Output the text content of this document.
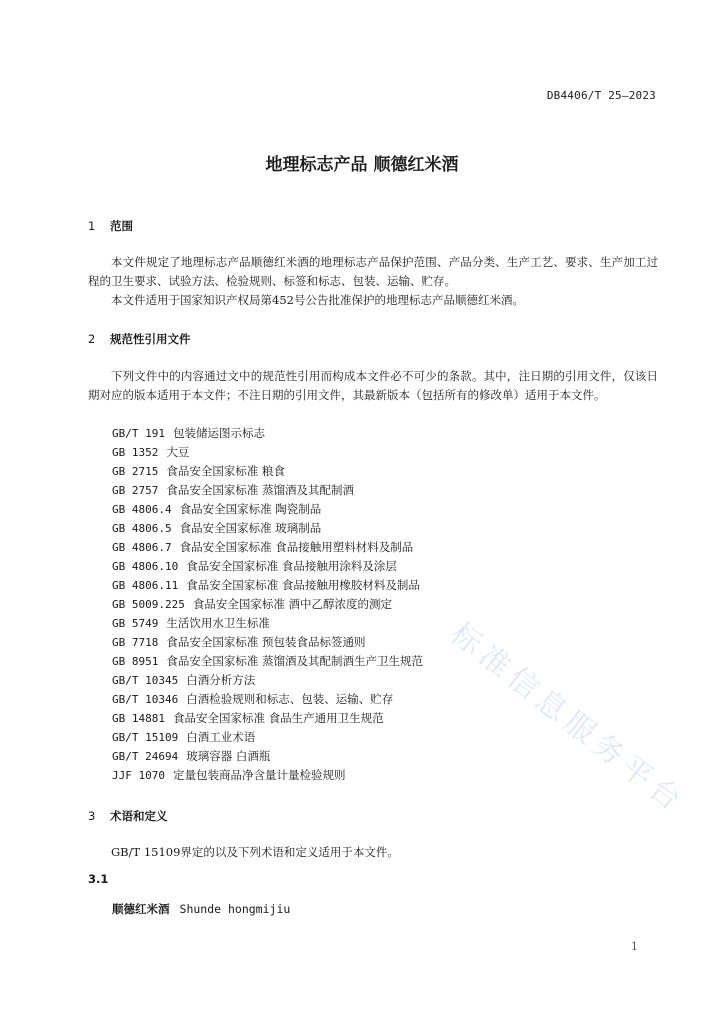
DB4406/T 25—2023
地理标志产品 顺德红米酒
1 范围
本文件规定了地理标志产品顺德红米酒的地理标志产品保护范围、产品分类、生产工艺、要求、生产加工过程的卫生要求、试验方法、检验规则、标签和标志、包装、运输、贮存。
本文件适用于国家知识产权局第452号公告批准保护的地理标志产品顺德红米酒。
2 规范性引用文件
下列文件中的内容通过文中的规范性引用而构成本文件必不可少的条款。其中，注日期的引用文件，仅该日期对应的版本适用于本文件；不注日期的引用文件，其最新版本（包括所有的修改单）适用于本文件。
GB/T 191 包装储运图示标志
GB 1352 大豆
GB 2715 食品安全国家标准 粮食
GB 2757 食品安全国家标准 蒸馏酒及其配制酒
GB 4806.4 食品安全国家标准 陶瓷制品
GB 4806.5 食品安全国家标准 玻璃制品
GB 4806.7 食品安全国家标准 食品接触用塑料材料及制品
GB 4806.10 食品安全国家标准 食品接触用涂料及涂层
GB 4806.11 食品安全国家标准 食品接触用橡胶材料及制品
GB 5009.225 食品安全国家标准 酒中乙醇浓度的测定
GB 5749 生活饮用水卫生标准
GB 7718 食品安全国家标准 预包装食品标签通则
GB 8951 食品安全国家标准 蒸馏酒及其配制酒生产卫生规范
GB/T 10345 白酒分析方法
GB/T 10346 白酒检验规则和标志、包装、运输、贮存
GB 14881 食品安全国家标准 食品生产通用卫生规范
GB/T 15109 白酒工业术语
GB/T 24694 玻璃容器 白酒瓶
JJF 1070 定量包装商品净含量计量检验规则
3 术语和定义
GB/T 15109界定的以及下列术语和定义适用于本文件。
3.1
顺德红米酒 Shunde hongmijiu
标准信息服务平台
1
